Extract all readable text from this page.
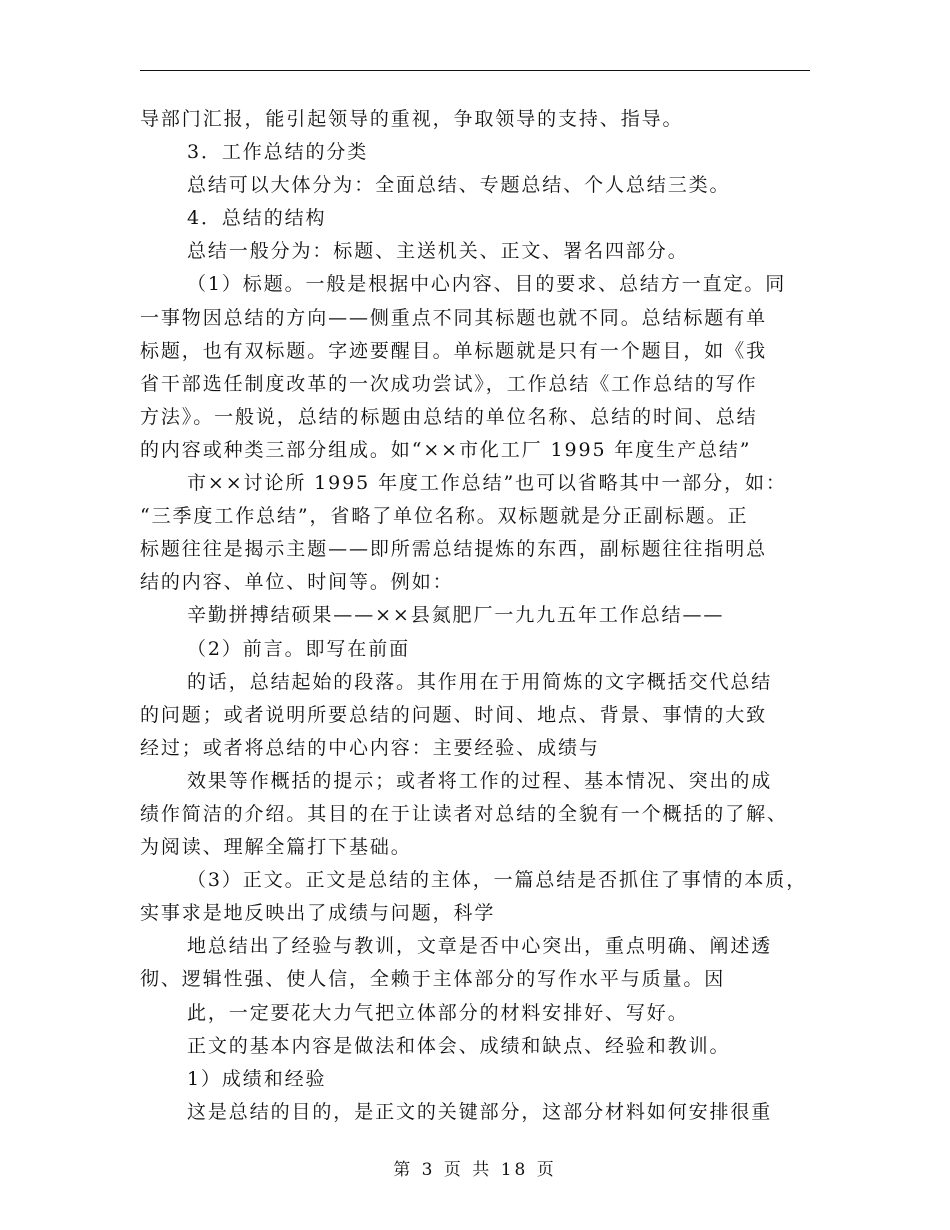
导部门汇报，能引起领导的重视，争取领导的支持、指导。
3．工作总结的分类
总结可以大体分为：全面总结、专题总结、个人总结三类。
4．总结的结构
总结一般分为：标题、主送机关、正文、署名四部分。
（1）标题。一般是根据中心内容、目的要求、总结方一直定。同
一事物因总结的方向——侧重点不同其标题也就不同。总结标题有单
标题，也有双标题。字迹要醒目。单标题就是只有一个题目，如《我
省干部选任制度改革的一次成功尝试》，工作总结《工作总结的写作
方法》。一般说，总结的标题由总结的单位名称、总结的时间、总结
的内容或种类三部分组成。如“××市化工厂 1995 年度生产总结”
市××讨论所 1995 年度工作总结”也可以省略其中一部分，如：
“三季度工作总结”，省略了单位名称。双标题就是分正副标题。正
标题往往是揭示主题——即所需总结提炼的东西，副标题往往指明总
结的内容、单位、时间等。例如：
辛勤拼搏结硕果——××县氮肥厂一九九五年工作总结——
（2）前言。即写在前面
的话，总结起始的段落。其作用在于用简炼的文字概括交代总结
的问题；或者说明所要总结的问题、时间、地点、背景、事情的大致
经过；或者将总结的中心内容：主要经验、成绩与
效果等作概括的提示；或者将工作的过程、基本情况、突出的成
绩作简洁的介绍。其目的在于让读者对总结的全貌有一个概括的了解、
为阅读、理解全篇打下基础。
（3）正文。正文是总结的主体，一篇总结是否抓住了事情的本质，
实事求是地反映出了成绩与问题，科学
地总结出了经验与教训，文章是否中心突出，重点明确、阐述透
彻、逻辑性强、使人信，全赖于主体部分的写作水平与质量。因
此，一定要花大力气把立体部分的材料安排好、写好。
正文的基本内容是做法和体会、成绩和缺点、经验和教训。
1）成绩和经验
这是总结的目的，是正文的关键部分，这部分材料如何安排很重
第 3 页 共 18 页
